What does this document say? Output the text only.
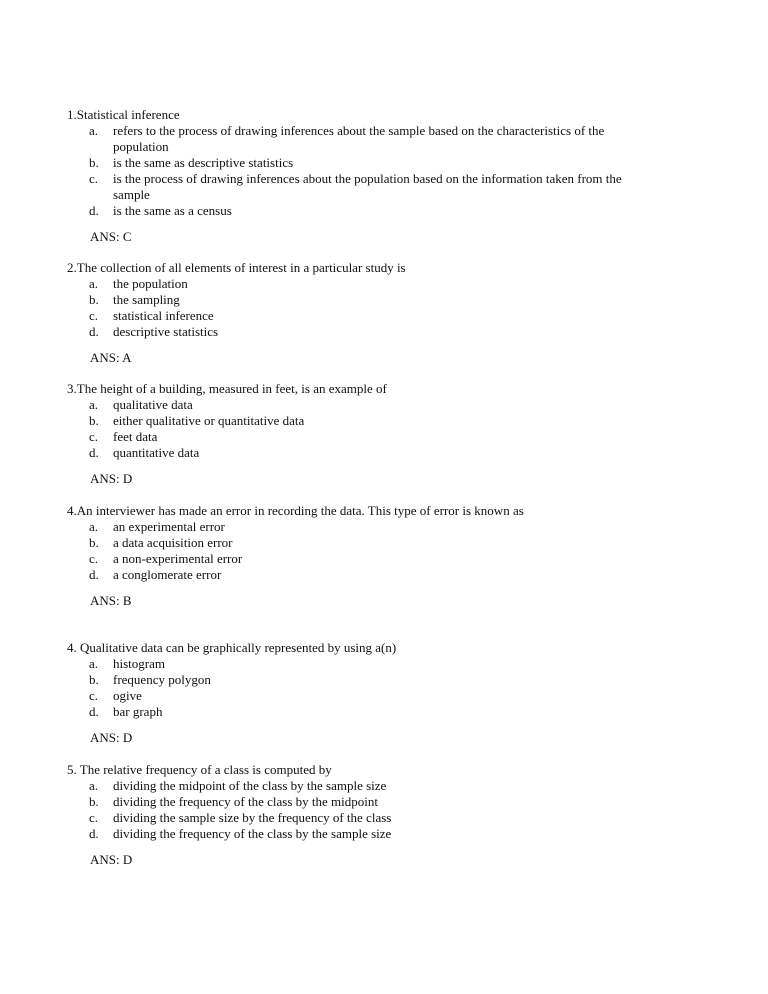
1.Statistical inference
a.	refers to the process of drawing inferences about the sample based on the characteristics of the population
b.	is the same as descriptive statistics
c.	is the process of drawing inferences about the population based on the information taken from the sample
d.	is the same as a census
ANS: C
2.The collection of all elements of interest in a particular study is
a.	the population
b.	the sampling
c.	statistical inference
d.	descriptive statistics
ANS: A
3.The height of a building, measured in feet, is an example of
a.	qualitative data
b.	either qualitative or quantitative data
c.	feet data
d.	quantitative data
ANS: D
4.An interviewer has made an error in recording the data. This type of error is known as
a.	an experimental error
b.	a data acquisition error
c.	a non-experimental error
d.	a conglomerate error
ANS: B
4. Qualitative data can be graphically represented by using a(n)
a.	histogram
b.	frequency polygon
c.	ogive
d.	bar graph
ANS: D
5. The relative frequency of a class is computed by
a.	dividing the midpoint of the class by the sample size
b.	dividing the frequency of the class by the midpoint
c.	dividing the sample size by the frequency of the class
d.	dividing the frequency of the class by the sample size
ANS: D
